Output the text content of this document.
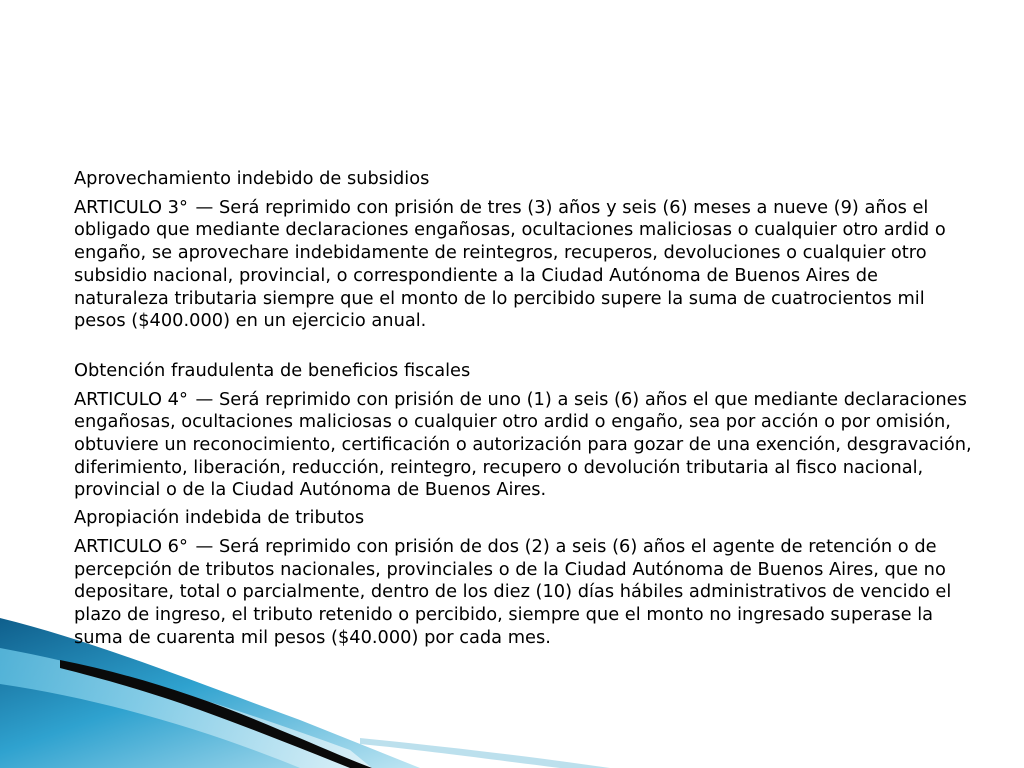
Aprovechamiento indebido de subsidios

ARTICULO 3° — Será reprimido con prisión de tres (3) años y seis (6) meses a nueve (9) años el obligado que mediante declaraciones engañosas, ocultaciones maliciosas o cualquier otro ardid o engaño, se aprovechare indebidamente de reintegros, recuperos, devoluciones o cualquier otro subsidio nacional, provincial, o correspondiente a la Ciudad Autónoma de Buenos Aires de naturaleza tributaria siempre que el monto de lo percibido supere la suma de cuatrocientos mil pesos ($400.000) en un ejercicio anual.

Obtención fraudulenta de beneficios fiscales

ARTICULO 4° — Será reprimido con prisión de uno (1) a seis (6) años el que mediante declaraciones engañosas, ocultaciones maliciosas o cualquier otro ardid o engaño, sea por acción o por omisión, obtuviere un reconocimiento, certificación o autorización para gozar de una exención, desgravación, diferimiento, liberación, reducción, reintegro, recupero o devolución tributaria al fisco nacional, provincial o de la Ciudad Autónoma de Buenos Aires.

Apropiación indebida de tributos

ARTICULO 6° — Será reprimido con prisión de dos (2) a seis (6) años el agente de retención o de percepción de tributos nacionales, provinciales o de la Ciudad Autónoma de Buenos Aires, que no depositare, total o parcialmente, dentro de los diez (10) días hábiles administrativos de vencido el plazo de ingreso, el tributo retenido o percibido, siempre que el monto no ingresado superase la suma de cuarenta mil pesos ($40.000) por cada mes.
